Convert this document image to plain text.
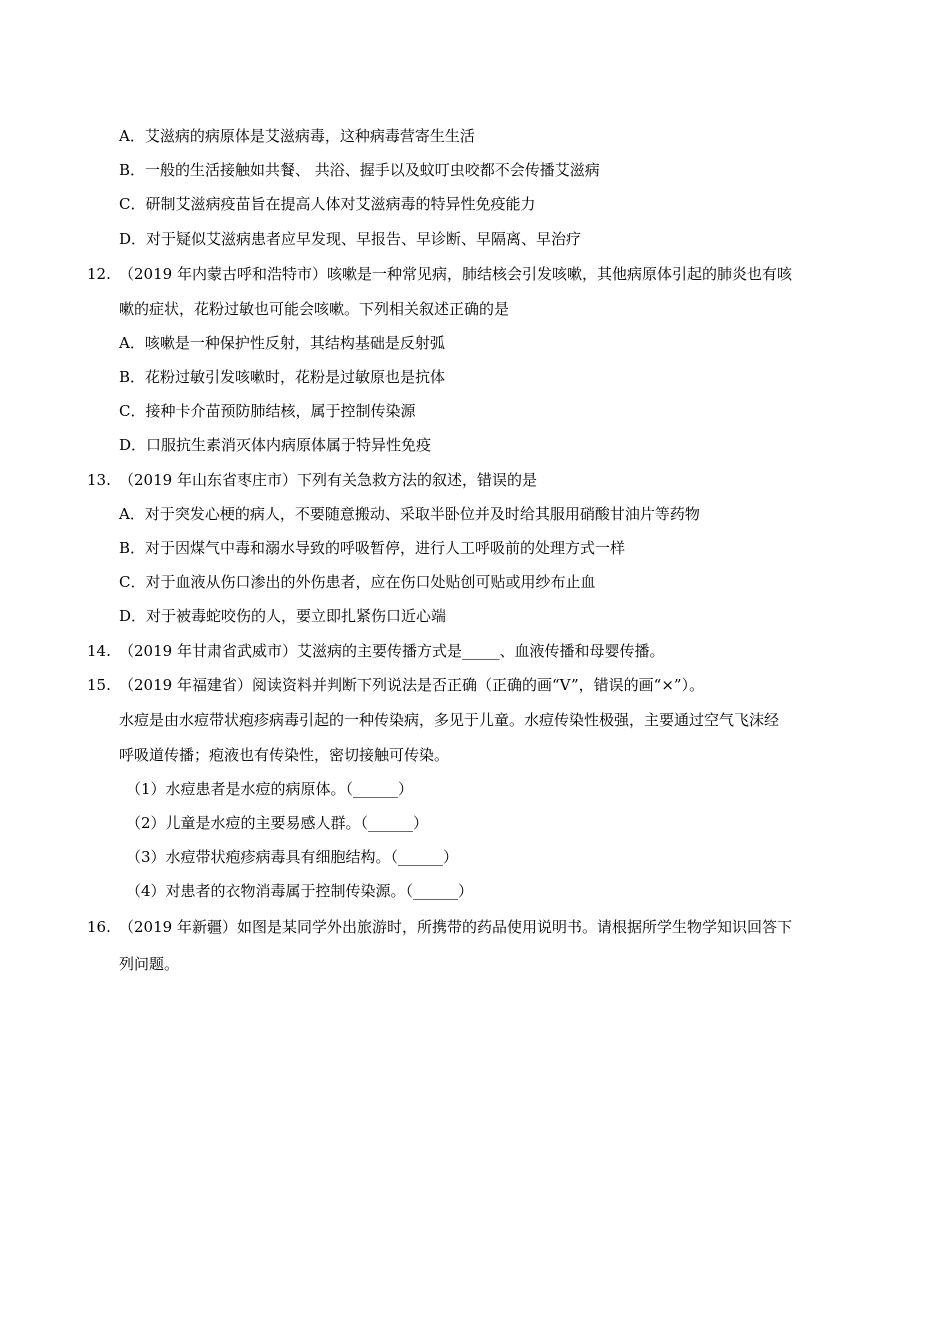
A．艾滋病的病原体是艾滋病毒，这种病毒营寄生生活
B．一般的生活接触如共餐、 共浴、握手以及蚊叮虫咬都不会传播艾滋病
C．研制艾滋病疫苗旨在提高人体对艾滋病毒的特异性免疫能力
D．对于疑似艾滋病患者应早发现、早报告、早诊断、早隔离、早治疗
12. （2019 年内蒙古呼和浩特市）咳嗽是一种常见病，肺结核会引发咳嗽，其他病原体引起的肺炎也有咳
嗽的症状，花粉过敏也可能会咳嗽。下列相关叙述正确的是
A．咳嗽是一种保护性反射，其结构基础是反射弧
B．花粉过敏引发咳嗽时，花粉是过敏原也是抗体
C．接种卡介苗预防肺结核，属于控制传染源
D．口服抗生素消灭体内病原体属于特异性免疫
13. （2019 年山东省枣庄市）下列有关急救方法的叙述，错误的是
A．对于突发心梗的病人，不要随意搬动、采取半卧位并及时给其服用硝酸甘油片等药物
B．对于因煤气中毒和溺水导致的呼吸暂停，进行人工呼吸前的处理方式一样
C．对于血液从伤口渗出的外伤患者，应在伤口处贴创可贴或用纱布止血
D．对于被毒蛇咬伤的人，要立即扎紧伤口近心端
14. （2019 年甘肃省武威市）艾滋病的主要传播方式是_____、血液传播和母婴传播。
15. （2019 年福建省）阅读资料并判断下列说法是否正确（正确的画“V”，错误的画“×”）。
水痘是由水痘带状疱疹病毒引起的一种传染病，多见于儿童。水痘传染性极强，主要通过空气飞沫经
呼吸道传播；疱液也有传染性，密切接触可传染。
（1）水痘患者是水痘的病原体。（______）
（2）儿童是水痘的主要易感人群。（______）
（3）水痘带状疱疹病毒具有细胞结构。（______）
（4）对患者的衣物消毒属于控制传染源。（______）
16. （2019 年新疆）如图是某同学外出旅游时，所携带的药品使用说明书。请根据所学生物学知识回答下
列问题。
